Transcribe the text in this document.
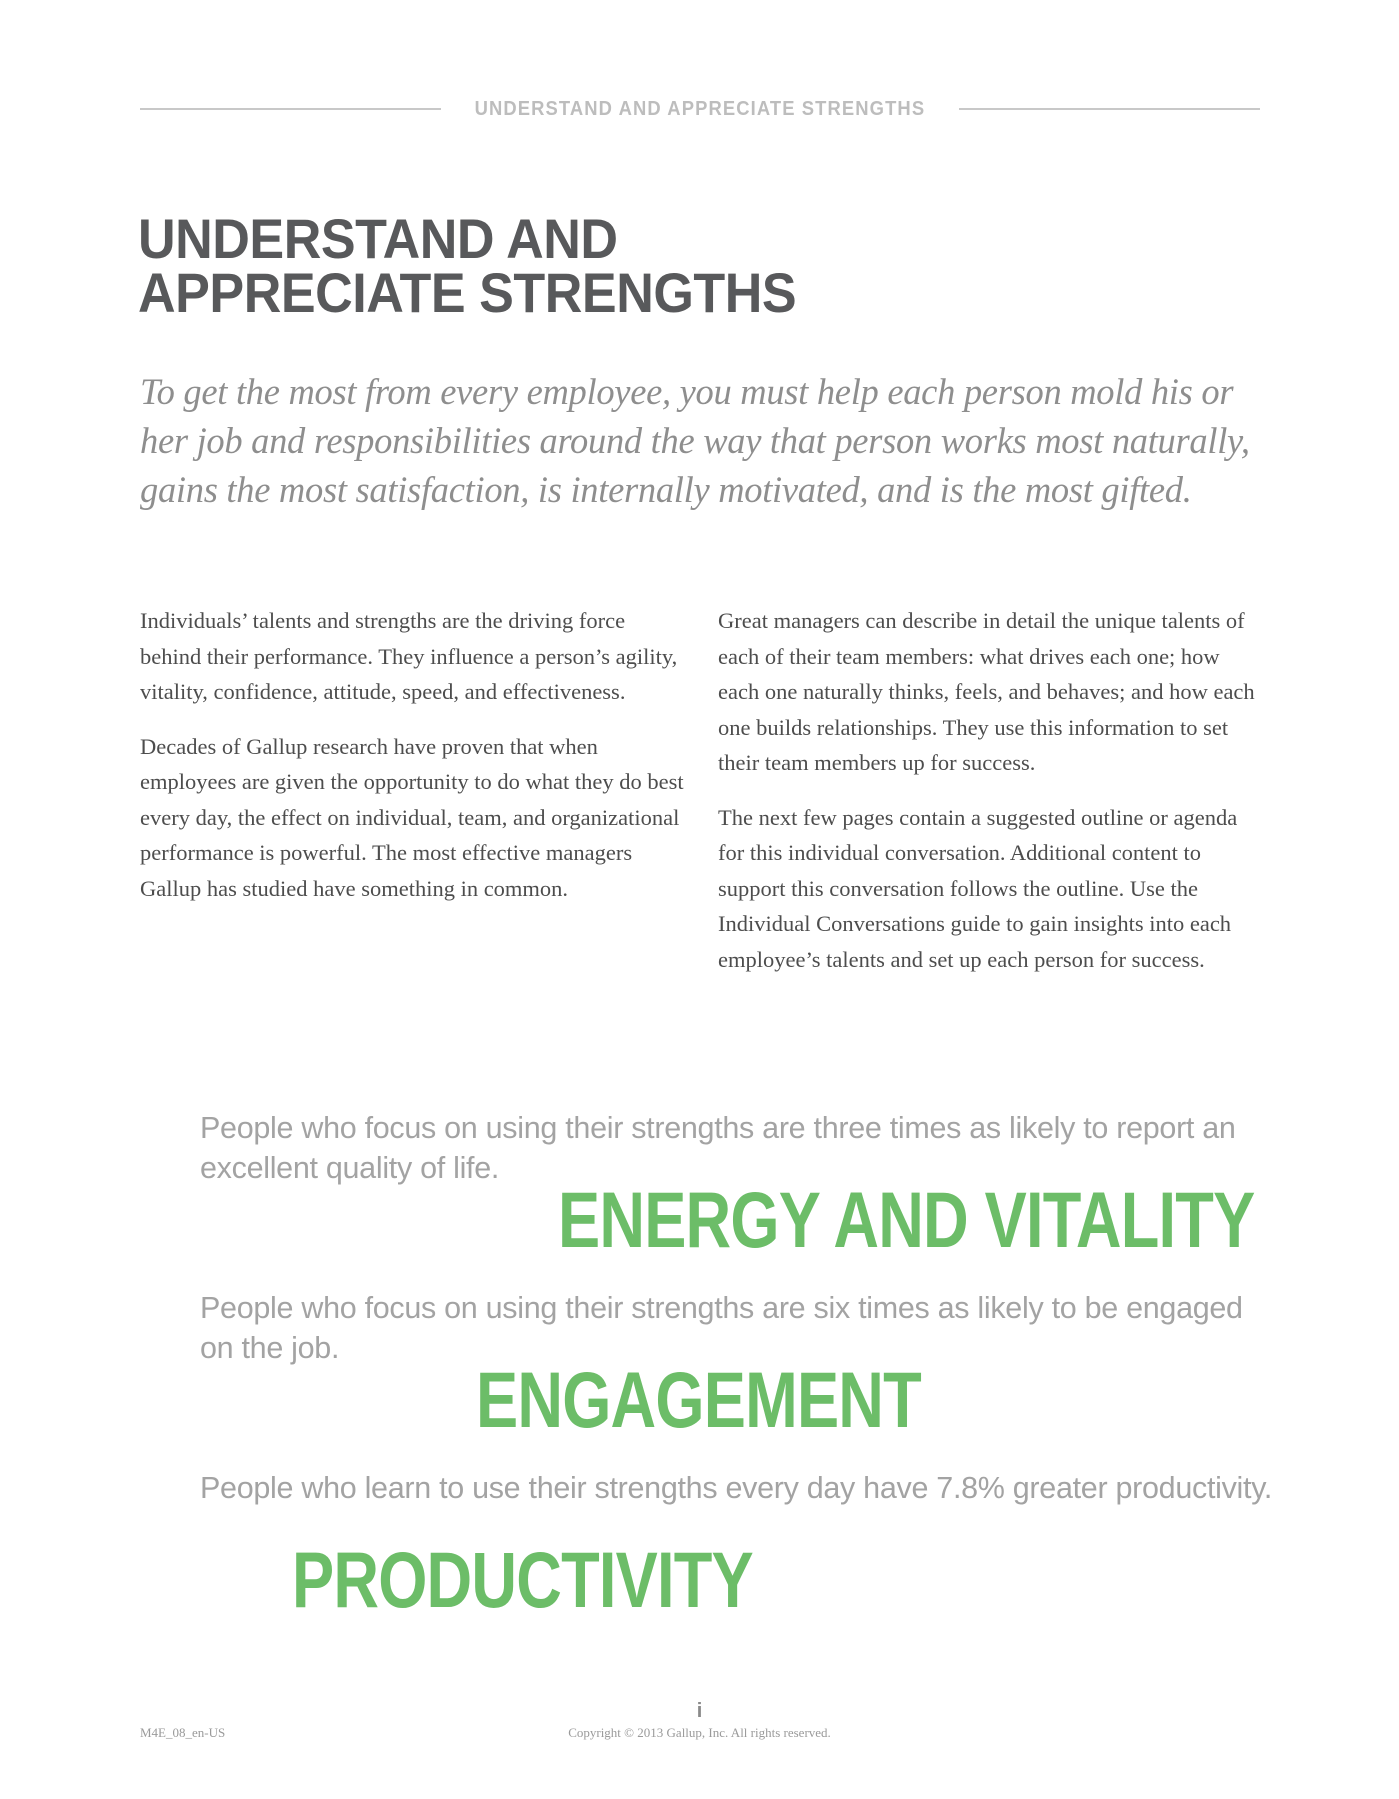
UNDERSTAND AND APPRECIATE STRENGTHS
UNDERSTAND AND
APPRECIATE STRENGTHS

To get the most from every employee, you must help each person mold his or her job and responsibilities around the way that person works most naturally, gains the most satisfaction, is internally motivated, and is the most gifted.

Individuals’ talents and strengths are the driving force behind their performance. They influence a person’s agility, vitality, confidence, attitude, speed, and effectiveness.

Decades of Gallup research have proven that when employees are given the opportunity to do what they do best every day, the effect on individual, team, and organizational performance is powerful. The most effective managers Gallup has studied have something in common.

Great managers can describe in detail the unique talents of each of their team members: what drives each one; how each one naturally thinks, feels, and behaves; and how each one builds relationships. They use this information to set their team members up for success.

The next few pages contain a suggested outline or agenda for this individual conversation. Additional content to support this conversation follows the outline. Use the Individual Conversations guide to gain insights into each employee’s talents and set up each person for success.

People who focus on using their strengths are three times as likely to report an excellent quality of life.

ENERGY AND VITALITY

People who focus on using their strengths are six times as likely to be engaged on the job.

ENGAGEMENT

People who learn to use their strengths every day have 7.8% greater productivity.

PRODUCTIVITY
i
M4E_08_en-US	Copyright © 2013 Gallup, Inc. All rights reserved.
